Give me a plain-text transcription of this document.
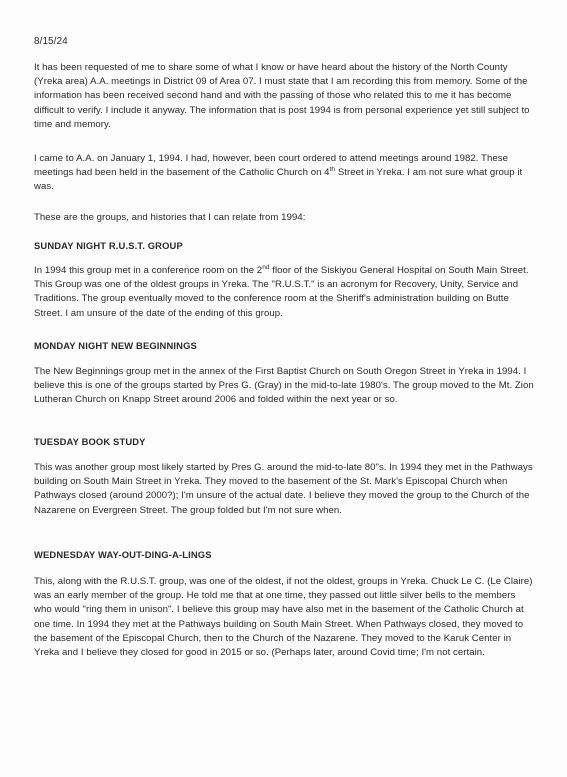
8/15/24

It has been requested of me to share some of what I know or have heard about the history of the North County (Yreka area) A.A. meetings in District 09 of Area 07. I must state that I am recording this from memory. Some of the information has been received second hand and with the passing of those who related this to me it has become difficult to verify. I include it anyway. The information that is post 1994 is from personal experience yet still subject to time and memory.

I came to A.A. on January 1, 1994. I had, however, been court ordered to attend meetings around 1982. These meetings had been held in the basement of the Catholic Church on 4th Street in Yreka. I am not sure what group it was.

These are the groups, and histories that I can relate from 1994:

SUNDAY NIGHT R.U.S.T. GROUP

In 1994 this group met in a conference room on the 2nd floor of the Siskiyou General Hospital on South Main Street. This Group was one of the oldest groups in Yreka. The "R.U.S.T." is an acronym for Recovery, Unity, Service and Traditions. The group eventually moved to the conference room at the Sheriff's administration building on Butte Street. I am unsure of the date of the ending of this group.

MONDAY NIGHT NEW BEGINNINGS

The New Beginnings group met in the annex of the First Baptist Church on South Oregon Street in Yreka in 1994. I believe this is one of the groups started by Pres G. (Gray) in the mid-to-late 1980's. The group moved to the Mt. Zion Lutheran Church on Knapp Street around 2006 and folded within the next year or so.

TUESDAY BOOK STUDY

This was another group most likely started by Pres G. around the mid-to-late 80"s. In 1994 they met in the Pathways building on South Main Street in Yreka. They moved to the basement of the St. Mark's Episcopal Church when Pathways closed (around 2000?); I'm unsure of the actual date. I believe they moved the group to the Church of the Nazarene on Evergreen Street. The group folded but I'm not sure when.

WEDNESDAY WAY-OUT-DING-A-LINGS

This, along with the R.U.S.T. group, was one of the oldest, if not the oldest, groups in Yreka. Chuck Le C. (Le Claire) was an early member of the group. He told me that at one time, they passed out little silver bells to the members who would "ring them in unison". I believe this group may have also met in the basement of the Catholic Church at one time. In 1994 they met at the Pathways building on South Main Street. When Pathways closed, they moved to the basement of the Episcopal Church, then to the Church of the Nazarene. They moved to the Karuk Center in Yreka and I believe they closed for good in 2015 or so. (Perhaps later, around Covid time; I'm not certain.
